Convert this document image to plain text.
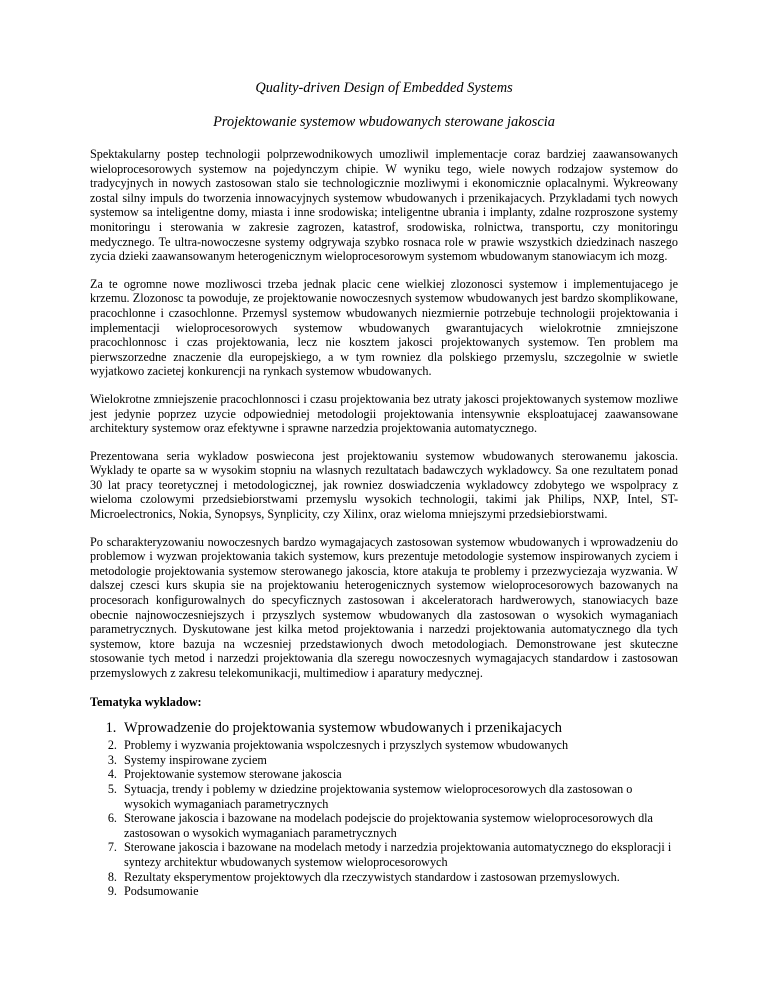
Quality-driven Design of Embedded Systems

Projektowanie systemow wbudowanych sterowane jakoscia

Spektakularny postep technologii polprzewodnikowych umozliwil implementacje coraz bardziej zaawansowanych wieloprocesorowych systemow na pojedynczym chipie. W wyniku tego, wiele nowych rodzajow systemow do tradycyjnych in nowych zastosowan stalo sie technologicznie mozliwymi i ekonomicznie oplacalnymi. Wykreowany zostal silny impuls do tworzenia innowacyjnych systemow wbudowanych i przenikajacych. Przykladami tych nowych systemow sa inteligentne domy, miasta i inne srodowiska; inteligentne ubrania i implanty, zdalne rozproszone systemy monitoringu i sterowania w zakresie zagrozen, katastrof, srodowiska, rolnictwa, transportu, czy monitoringu medycznego. Te ultra-nowoczesne systemy odgrywaja szybko rosnaca role w prawie wszystkich dziedzinach naszego zycia dzieki zaawansowanym heterogenicznym wieloprocesorowym systemom wbudowanym stanowiacym ich mozg.

Za te ogromne nowe mozliwosci trzeba jednak placic cene wielkiej zlozonosci systemow i implementujacego je krzemu. Zlozonosc ta powoduje, ze projektowanie nowoczesnych systemow wbudowanych jest bardzo skomplikowane, pracochlonne i czasochlonne. Przemysl systemow wbudowanych niezmiernie potrzebuje technologii projektowania i implementacji wieloprocesorowych systemow wbudowanych gwarantujacych wielokrotnie zmniejszone pracochlonnosc i czas projektowania, lecz nie kosztem jakosci projektowanych systemow. Ten problem ma pierwszorzedne znaczenie dla europejskiego, a w tym rowniez dla polskiego przemyslu, szczegolnie w swietle wyjatkowo zacietej konkurencji na rynkach systemow wbudowanych.

Wielokrotne zmniejszenie pracochlonnosci i czasu projektowania bez utraty jakosci projektowanych systemow mozliwe jest jedynie poprzez uzycie odpowiedniej metodologii projektowania intensywnie eksploatujacej zaawansowane architektury systemow oraz efektywne i sprawne narzedzia projektowania automatycznego.

Prezentowana seria wykladow poswiecona jest projektowaniu systemow wbudowanych sterowanemu jakoscia. Wyklady te oparte sa w wysokim stopniu na wlasnych rezultatach badawczych wykladowcy. Sa one rezultatem ponad 30 lat pracy teoretycznej i metodologicznej, jak rowniez doswiadczenia wykladowcy zdobytego we wspolpracy z wieloma czolowymi przedsiebiorstwami przemyslu wysokich technologii, takimi jak Philips, NXP, Intel, ST-Microelectronics, Nokia, Synopsys, Synplicity, czy Xilinx, oraz wieloma mniejszymi przedsiebiorstwami.

Po scharakteryzowaniu nowoczesnych bardzo wymagajacych zastosowan systemow wbudowanych i wprowadzeniu do problemow i wyzwan projektowania takich systemow, kurs prezentuje metodologie systemow inspirowanych zyciem i metodologie projektowania systemow sterowanego jakoscia, ktore atakuja te problemy i przezwyciezaja wyzwania. W dalszej czesci kurs skupia sie na projektowaniu heterogenicznych systemow wieloprocesorowych bazowanych na procesorach konfigurowalnych do specyficznych zastosowan i akceleratorach hardwerowych, stanowiacych baze obecnie najnowoczesniejszych i przyszlych systemow wbudowanych dla zastosowan o wysokich wymaganiach parametrycznych. Dyskutowane jest kilka metod projektowania i narzedzi projektowania automatycznego dla tych systemow, ktore bazuja na wczesniej przedstawionych dwoch metodologiach. Demonstrowane jest skuteczne stosowanie tych metod i narzedzi projektowania dla szeregu nowoczesnych wymagajacych standardow i zastosowan przemyslowych z zakresu telekomunikacji, multimediow i aparatury medycznej.

Tematyka wykladow:

1. Wprowadzenie do projektowania systemow wbudowanych i przenikajacych
2. Problemy i wyzwania projektowania wspolczesnych i przyszlych systemow wbudowanych
3. Systemy inspirowane zyciem
4. Projektowanie systemow sterowane jakoscia
5. Sytuacja, trendy i poblemy w dziedzine projektowania systemow wieloprocesorowych dla zastosowan o wysokich wymaganiach parametrycznych
6. Sterowane jakoscia i bazowane na modelach podejscie do projektowania systemow wieloprocesorowych dla zastosowan o wysokich wymaganiach parametrycznych
7. Sterowane jakoscia i bazowane na modelach metody i narzedzia projektowania automatycznego do eksploracji i syntezy architektur wbudowanych systemow wieloprocesorowych
8. Rezultaty eksperymentow projektowych dla rzeczywistych standardow i zastosowan przemyslowych.
9. Podsumowanie
